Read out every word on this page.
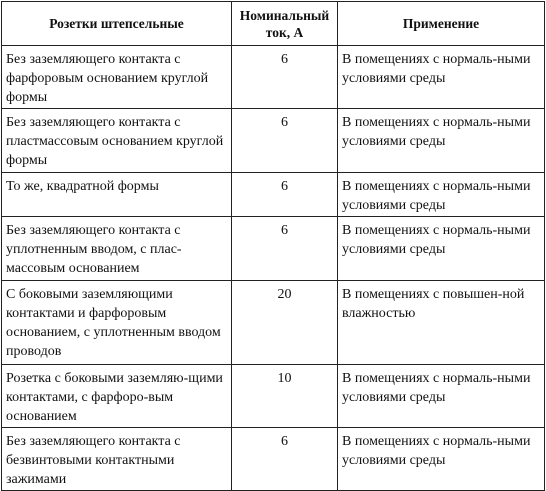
Розетки штепсельные	Номинальный ток, А	Применение
Без заземляющего контакта с фарфоровым основанием круглой формы	6	В помещениях с нормаль-ными условиями среды
Без заземляющего контакта с пластмассовым основанием круглой формы	6	В помещениях с нормаль-ными условиями среды
То же, квадратной формы	6	В помещениях с нормаль-ными условиями среды
Без заземляющего контакта с уплотненным вводом, с плас-массовым основанием	6	В помещениях с нормаль-ными условиями среды
С боковыми заземляющими контактами и фарфоровым основанием, с уплотненным вводом проводов	20	В помещениях с повышен-ной влажностью
Розетка с боковыми заземляю-щими контактами, с фарфоро-вым основанием	10	В помещениях с нормаль-ными условиями среды
Без заземляющего контакта с безвинтовыми контактными зажимами	6	В помещениях с нормаль-ными условиями среды
